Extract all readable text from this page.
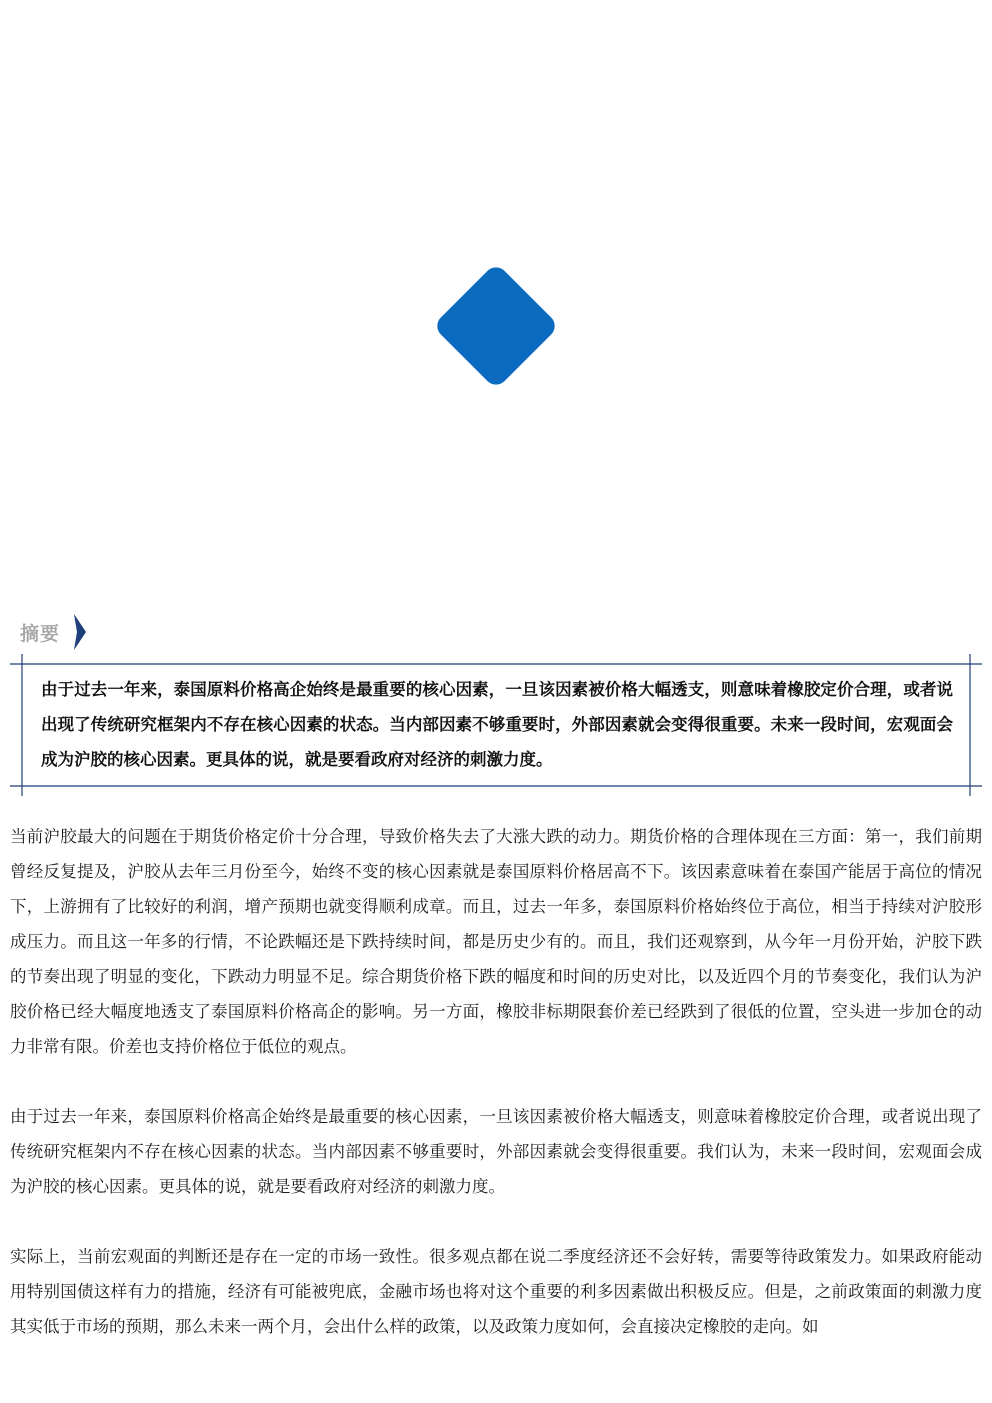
摘要
由于过去一年来，泰国原料价格高企始终是最重要的核心因素，一旦该因素被价格大幅透支，则意味着橡胶定价合理，或者说出现了传统研究框架内不存在核心因素的状态。当内部因素不够重要时，外部因素就会变得很重要。未来一段时间，宏观面会成为沪胶的核心因素。更具体的说，就是要看政府对经济的刺激力度。
当前沪胶最大的问题在于期货价格定价十分合理，导致价格失去了大涨大跌的动力。期货价格的合理体现在三方面：第一，我们前期曾经反复提及，沪胶从去年三月份至今，始终不变的核心因素就是泰国原料价格居高不下。该因素意味着在泰国产能居于高位的情况下，上游拥有了比较好的利润，增产预期也就变得顺利成章。而且，过去一年多，泰国原料价格始终位于高位，相当于持续对沪胶形成压力。而且这一年多的行情，不论跌幅还是下跌持续时间，都是历史少有的。而且，我们还观察到，从今年一月份开始，沪胶下跌的节奏出现了明显的变化，下跌动力明显不足。综合期货价格下跌的幅度和时间的历史对比，以及近四个月的节奏变化，我们认为沪胶价格已经大幅度地透支了泰国原料价格高企的影响。另一方面，橡胶非标期限套价差已经跌到了很低的位置，空头进一步加仓的动力非常有限。价差也支持价格位于低位的观点。
由于过去一年来，泰国原料价格高企始终是最重要的核心因素，一旦该因素被价格大幅透支，则意味着橡胶定价合理，或者说出现了传统研究框架内不存在核心因素的状态。当内部因素不够重要时，外部因素就会变得很重要。我们认为，未来一段时间，宏观面会成为沪胶的核心因素。更具体的说，就是要看政府对经济的刺激力度。
实际上，当前宏观面的判断还是存在一定的市场一致性。很多观点都在说二季度经济还不会好转，需要等待政策发力。如果政府能动用特别国债这样有力的措施，经济有可能被兜底，金融市场也将对这个重要的利多因素做出积极反应。但是，之前政策面的刺激力度其实低于市场的预期，那么未来一两个月，会出什么样的政策，以及政策力度如何，会直接决定橡胶的走向。如
